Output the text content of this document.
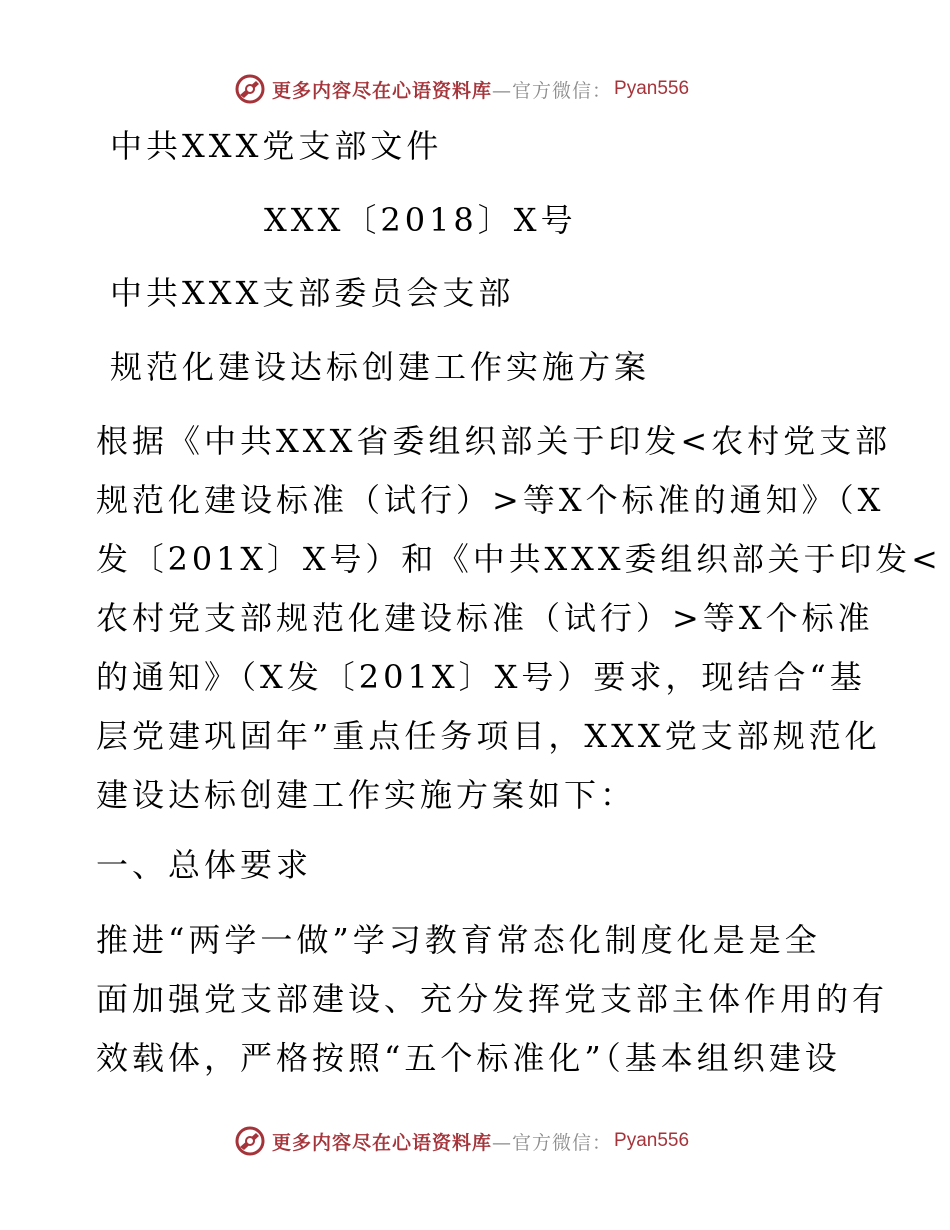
更多内容尽在心语资料库 —官方微信： Pyan556
中共XXX党支部文件
XXX〔2018〕X号
中共XXX支部委员会支部
规范化建设达标创建工作实施方案
根据《中共XXX省委组织部关于印发<农村党支部
规范化建设标准（试行）>等X个标准的通知》（X
发〔201X〕X号）和《中共XXX委组织部关于印发<
农村党支部规范化建设标准（试行）>等X个标准
的通知》（X发〔201X〕X号）要求，现结合“基
层党建巩固年”重点任务项目，XXX党支部规范化
建设达标创建工作实施方案如下：
一、总体要求
推进“两学一做”学习教育常态化制度化是是全
面加强党支部建设、充分发挥党支部主体作用的有
效载体，严格按照“五个标准化”（基本组织建设
更多内容尽在心语资料库 —官方微信： Pyan556
